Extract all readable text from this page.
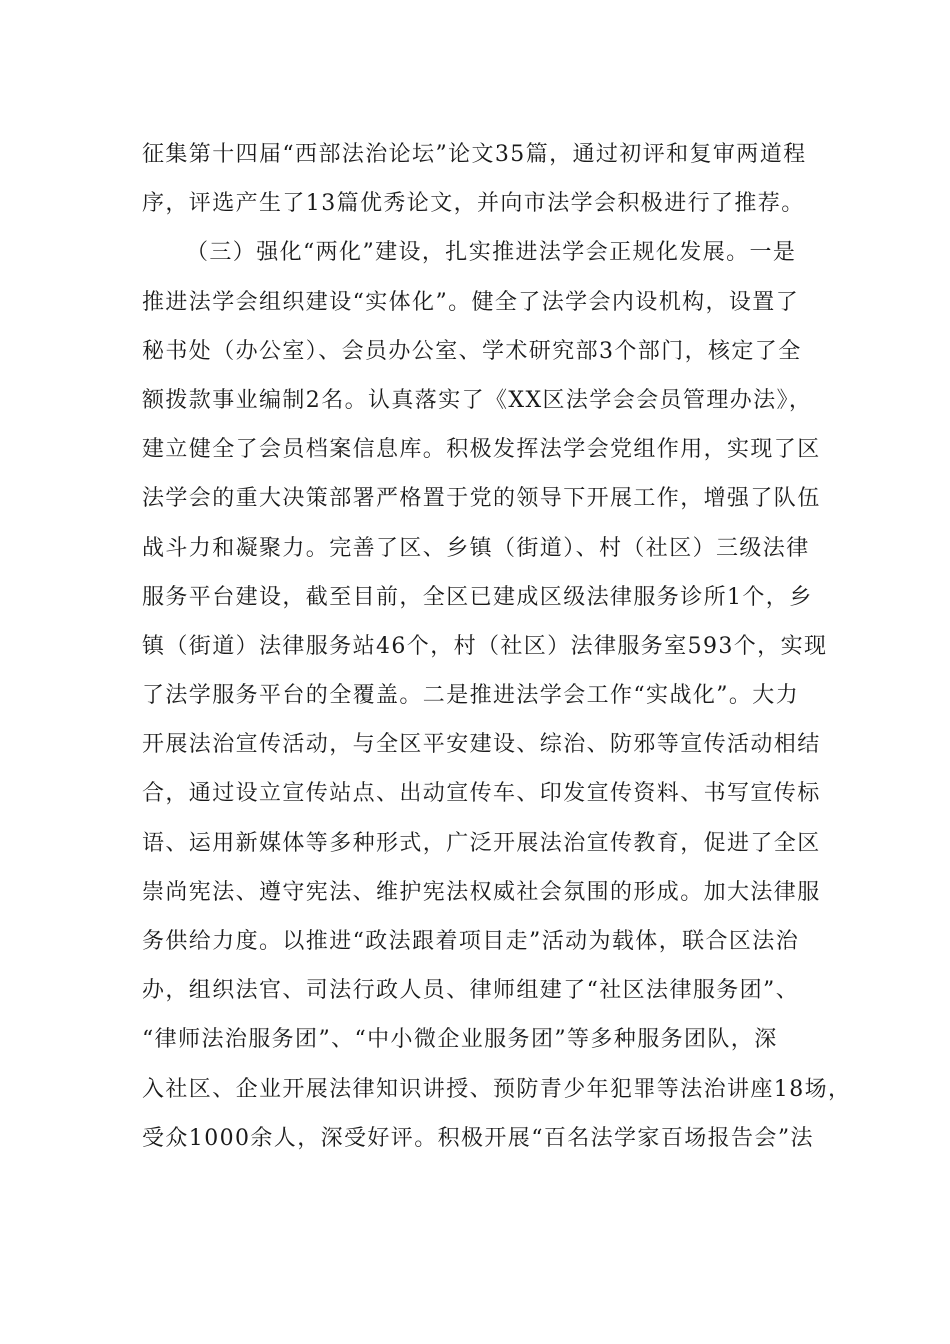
征集第十四届“西部法治论坛”论文35篇，通过初评和复审两道程
序，评选产生了13篇优秀论文，并向市法学会积极进行了推荐。
（三）强化“两化”建设，扎实推进法学会正规化发展。一是
推进法学会组织建设“实体化”。健全了法学会内设机构，设置了
秘书处（办公室）、会员办公室、学术研究部3个部门，核定了全
额拨款事业编制2名。认真落实了《XX区法学会会员管理办法》，
建立健全了会员档案信息库。积极发挥法学会党组作用，实现了区
法学会的重大决策部署严格置于党的领导下开展工作，增强了队伍
战斗力和凝聚力。完善了区、乡镇（街道）、村（社区）三级法律
服务平台建设，截至目前，全区已建成区级法律服务诊所1个，乡
镇（街道）法律服务站46个，村（社区）法律服务室593个，实现
了法学服务平台的全覆盖。二是推进法学会工作“实战化”。大力
开展法治宣传活动，与全区平安建设、综治、防邪等宣传活动相结
合，通过设立宣传站点、出动宣传车、印发宣传资料、书写宣传标
语、运用新媒体等多种形式，广泛开展法治宣传教育，促进了全区
崇尚宪法、遵守宪法、维护宪法权威社会氛围的形成。加大法律服
务供给力度。以推进“政法跟着项目走”活动为载体，联合区法治
办，组织法官、司法行政人员、律师组建了“社区法律服务团”、
“律师法治服务团”、“中小微企业服务团”等多种服务团队，深
入社区、企业开展法律知识讲授、预防青少年犯罪等法治讲座18场，
受众1000余人，深受好评。积极开展“百名法学家百场报告会”法
